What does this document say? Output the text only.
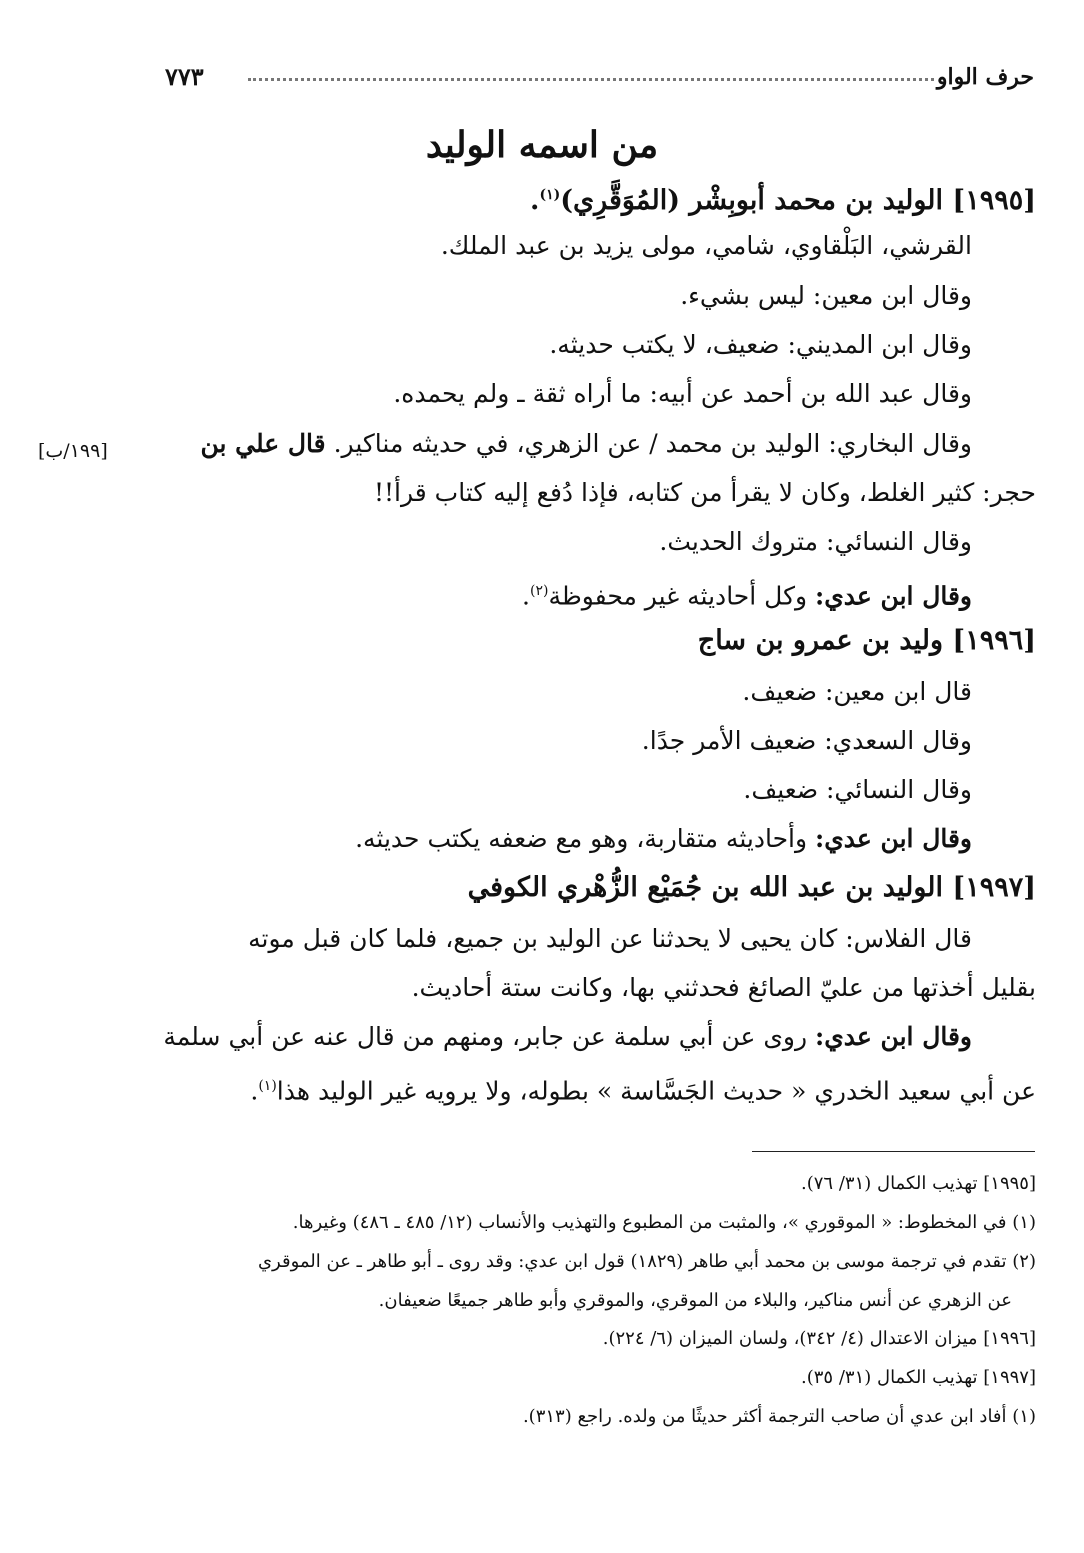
حرف الواو
٧٧٣
من اسمه الوليد
[١٩٩٥] الوليد بن محمد أبوبِشْر (المُوَقَّرِي)$^{(١)}$.
القرشي، البَلْقاوي، شامي، مولى يزيد بن عبد الملك.
وقال ابن معين: ليس بشيء.
وقال ابن المديني: ضعيف، لا يكتب حديثه.
وقال عبد الله بن أحمد عن أبيه: ما أراه ثقة ـ ولم يحمده.
وقال البخاري: الوليد بن محمد / عن الزهري، في حديثه مناكير. قال علي بن
[١٩٩/ب]
حجر: كثير الغلط، وكان لا يقرأ من كتابه، فإذا دُفع إليه كتاب قرأ!!
وقال النسائي: متروك الحديث.
وقال ابن عدي: وكل أحاديثه غير محفوظة$^{(٢)}$.
[١٩٩٦] وليد بن عمرو بن ساج
قال ابن معين: ضعيف.
وقال السعدي: ضعيف الأمر جدًا.
وقال النسائي: ضعيف.
وقال ابن عدي: وأحاديثه متقاربة، وهو مع ضعفه يكتب حديثه.
[١٩٩٧] الوليد بن عبد الله بن جُمَيْع الزُّهْري الكوفي
قال الفلاس: كان يحيى لا يحدثنا عن الوليد بن جميع، فلما كان قبل موته
بقليل أخذتها من عليّ الصائغ فحدثني بها، وكانت ستة أحاديث.
وقال ابن عدي: روى عن أبي سلمة عن جابر، ومنهم من قال عنه عن أبي سلمة
عن أبي سعيد الخدري « حديث الجَسَّاسة » بطوله، ولا يرويه غير الوليد هذا$^{(١)}$.
[١٩٩٥] تهذيب الكمال (٣١/ ٧٦).
(١) في المخطوط: « الموقوري »، والمثبت من المطبوع والتهذيب والأنساب (١٢/ ٤٨٥ ـ ٤٨٦) وغيرها.
(٢) تقدم في ترجمة موسى بن محمد أبي طاهر (١٨٢٩) قول ابن عدي: وقد روى ـ أبو طاهر ـ عن الموقري
عن الزهري عن أنس مناكير، والبلاء من الموقري، والموقري وأبو طاهر جميعًا ضعيفان.
[١٩٩٦] ميزان الاعتدال (٤/ ٣٤٢)، ولسان الميزان (٦/ ٢٢٤).
[١٩٩٧] تهذيب الكمال (٣١/ ٣٥).
(١) أفاد ابن عدي أن صاحب الترجمة أكثر حديثًا من ولده. راجع (٣١٣).
